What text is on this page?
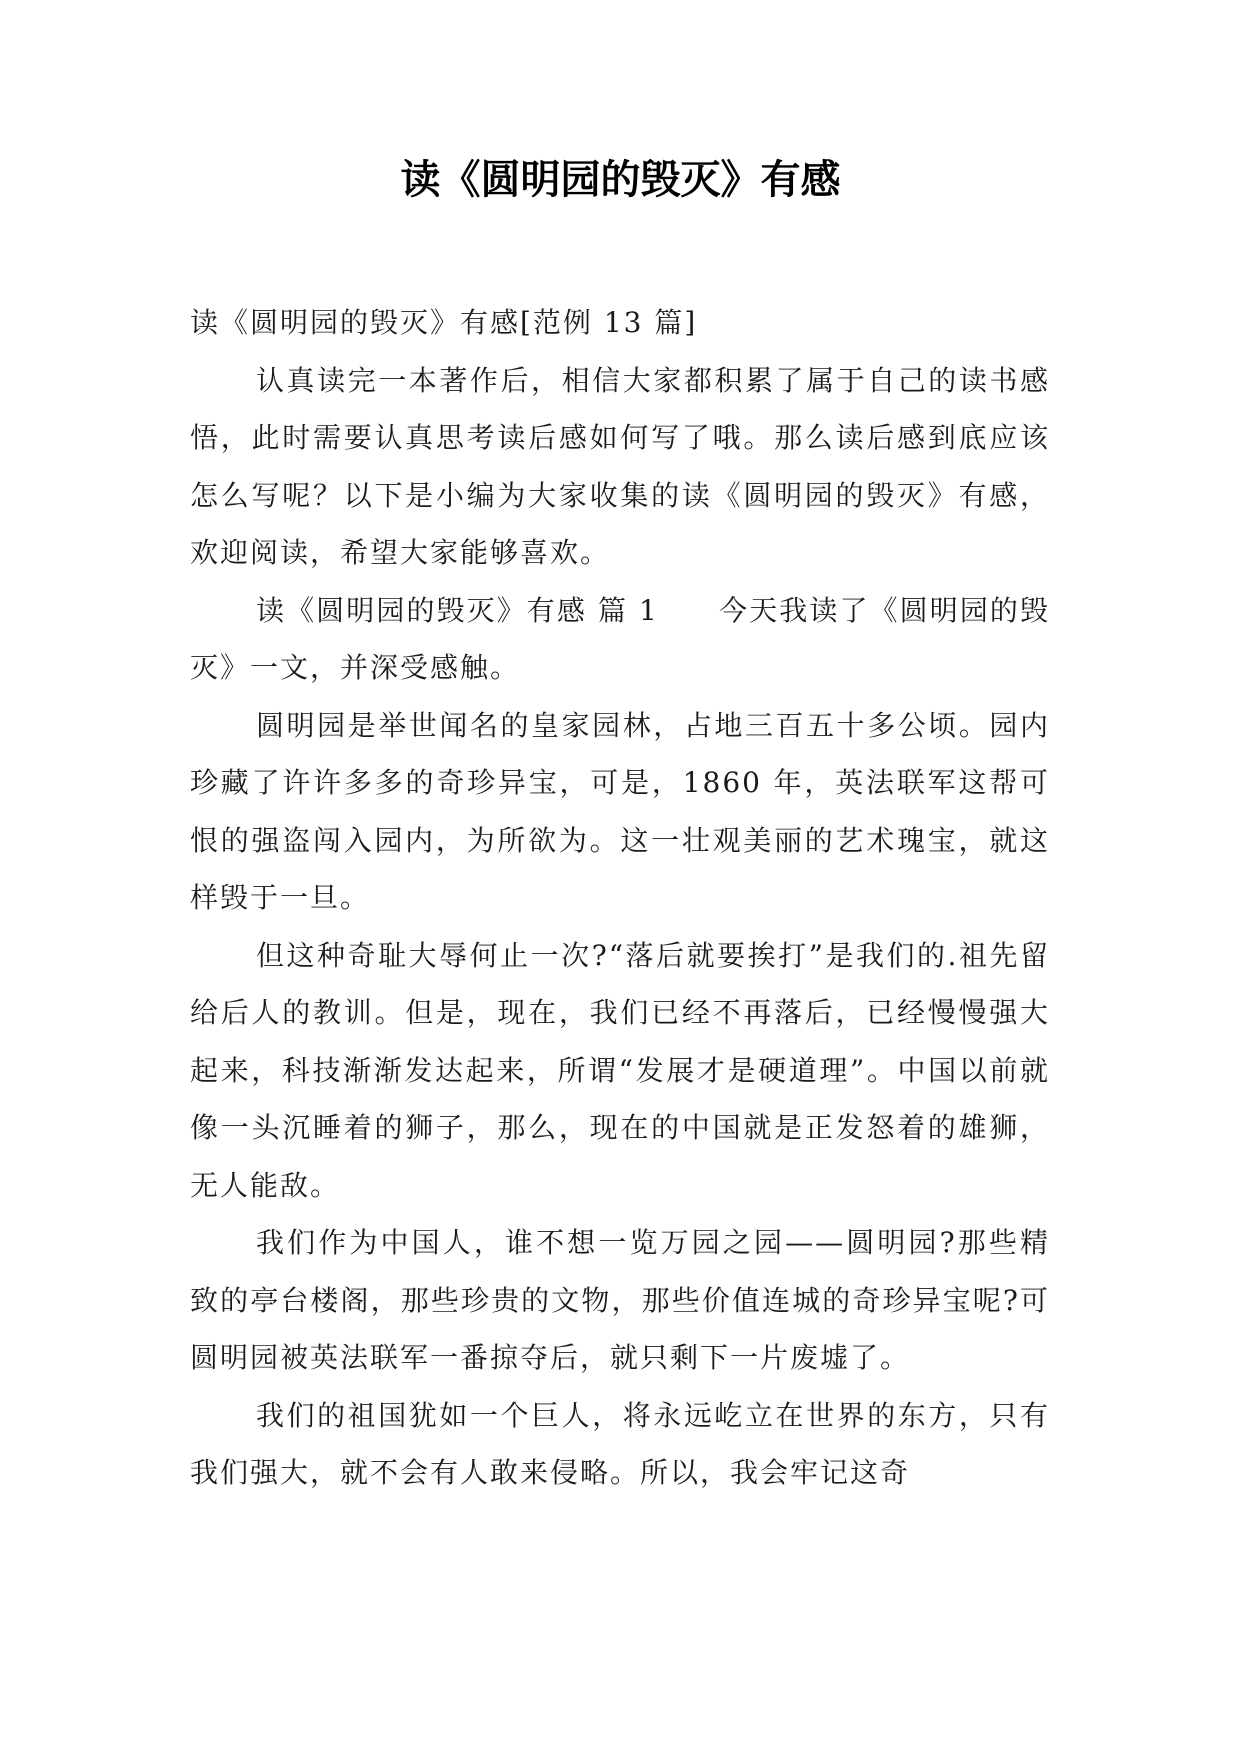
读《圆明园的毁灭》有感

读《圆明园的毁灭》有感[范例 13 篇]

认真读完一本著作后，相信大家都积累了属于自己的读书感悟，此时需要认真思考读后感如何写了哦。那么读后感到底应该怎么写呢？以下是小编为大家收集的读《圆明园的毁灭》有感，欢迎阅读，希望大家能够喜欢。

读《圆明园的毁灭》有感 篇 1　　今天我读了《圆明园的毁灭》一文，并深受感触。

圆明园是举世闻名的皇家园林，占地三百五十多公顷。园内珍藏了许许多多的奇珍异宝，可是，1860 年，英法联军这帮可恨的强盗闯入园内，为所欲为。这一壮观美丽的艺术瑰宝，就这样毁于一旦。

但这种奇耻大辱何止一次?“落后就要挨打”是我们的.祖先留给后人的教训。但是，现在，我们已经不再落后，已经慢慢强大起来，科技渐渐发达起来，所谓“发展才是硬道理”。中国以前就像一头沉睡着的狮子，那么，现在的中国就是正发怒着的雄狮，无人能敌。

我们作为中国人，谁不想一览万园之园——圆明园?那些精致的亭台楼阁，那些珍贵的文物，那些价值连城的奇珍异宝呢?可圆明园被英法联军一番掠夺后，就只剩下一片废墟了。

我们的祖国犹如一个巨人，将永远屹立在世界的东方，只有我们强大，就不会有人敢来侵略。所以，我会牢记这奇
